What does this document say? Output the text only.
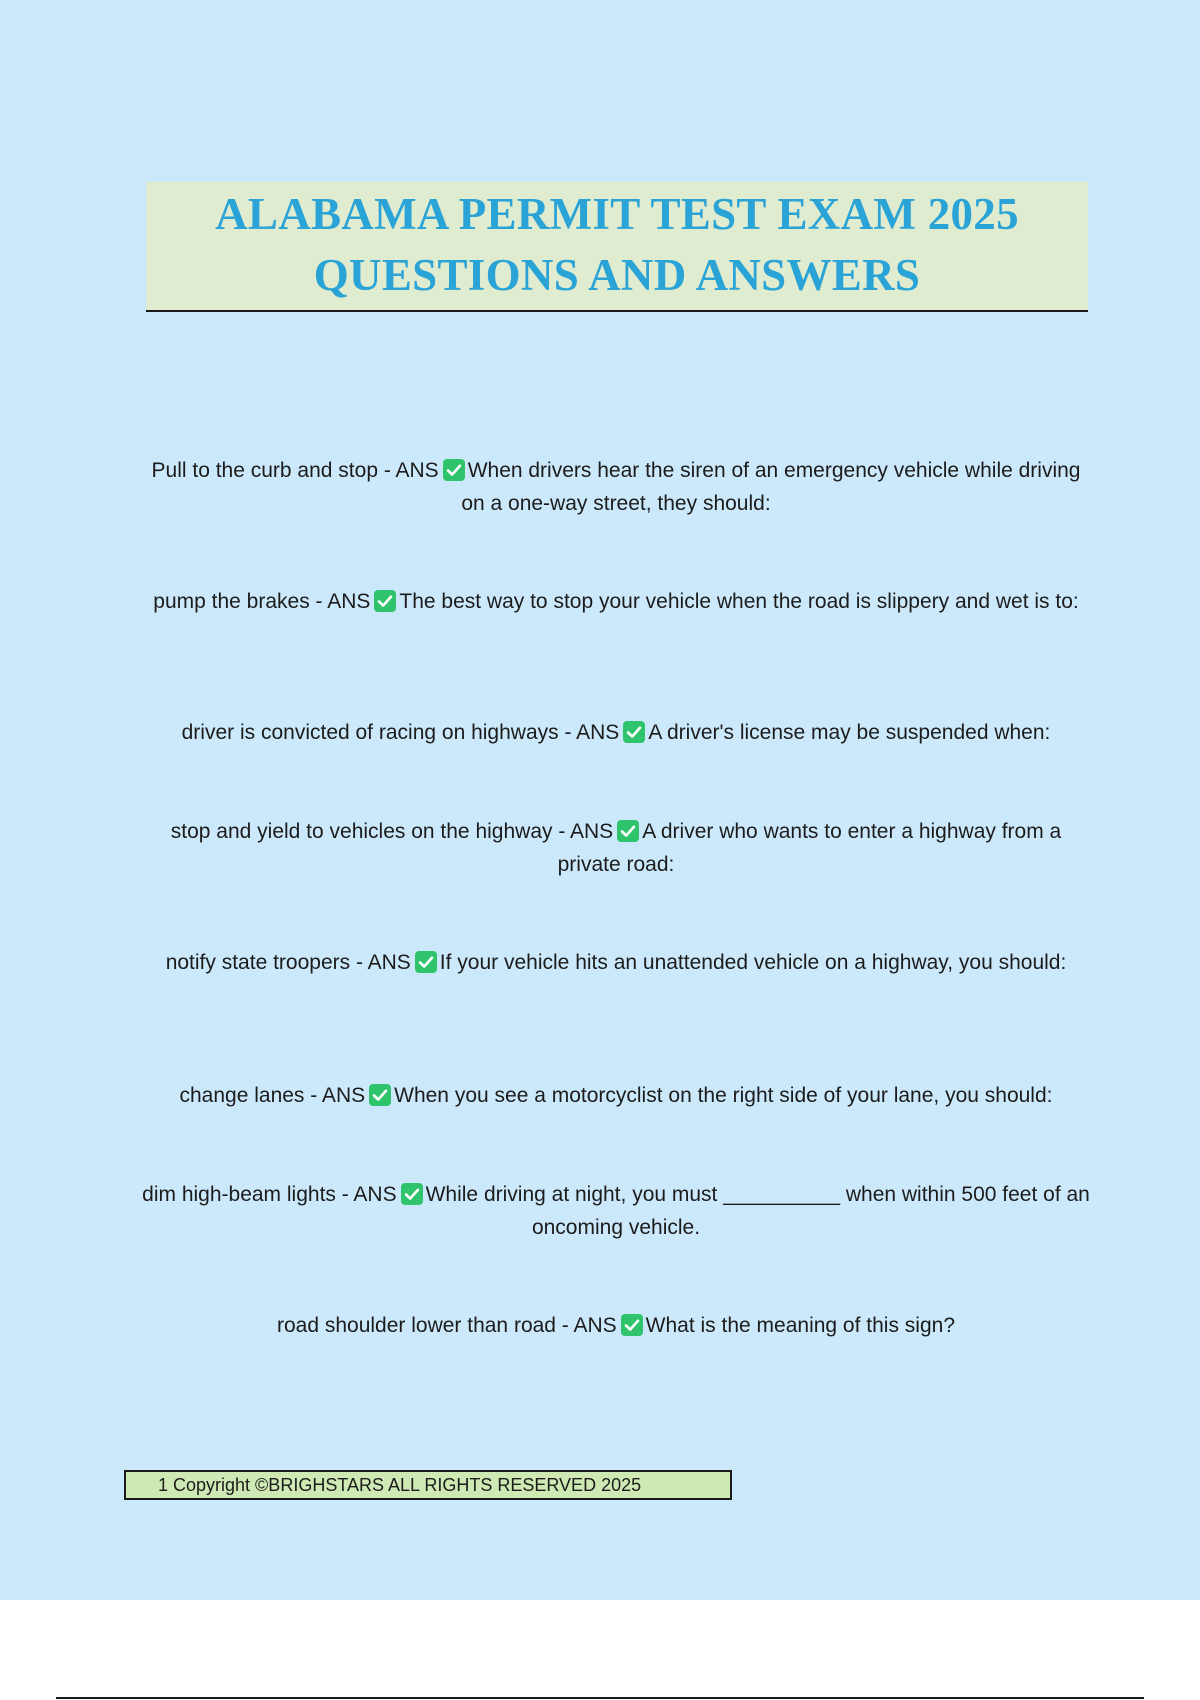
ALABAMA PERMIT TEST EXAM 2025
QUESTIONS AND ANSWERS
Pull to the curb and stop - ANS When drivers hear the siren of an emergency vehicle while driving on a one-way street, they should:
pump the brakes - ANS The best way to stop your vehicle when the road is slippery and wet is to:
driver is convicted of racing on highways - ANS A driver's license may be suspended when:
stop and yield to vehicles on the highway - ANS A driver who wants to enter a highway from a private road:
notify state troopers - ANS If your vehicle hits an unattended vehicle on a highway, you should:
change lanes - ANS When you see a motorcyclist on the right side of your lane, you should:
dim high-beam lights - ANS While driving at night, you must __________ when within 500 feet of an oncoming vehicle.
road shoulder lower than road - ANS What is the meaning of this sign?
1 Copyright ©BRIGHSTARS ALL RIGHTS RESERVED 2025
